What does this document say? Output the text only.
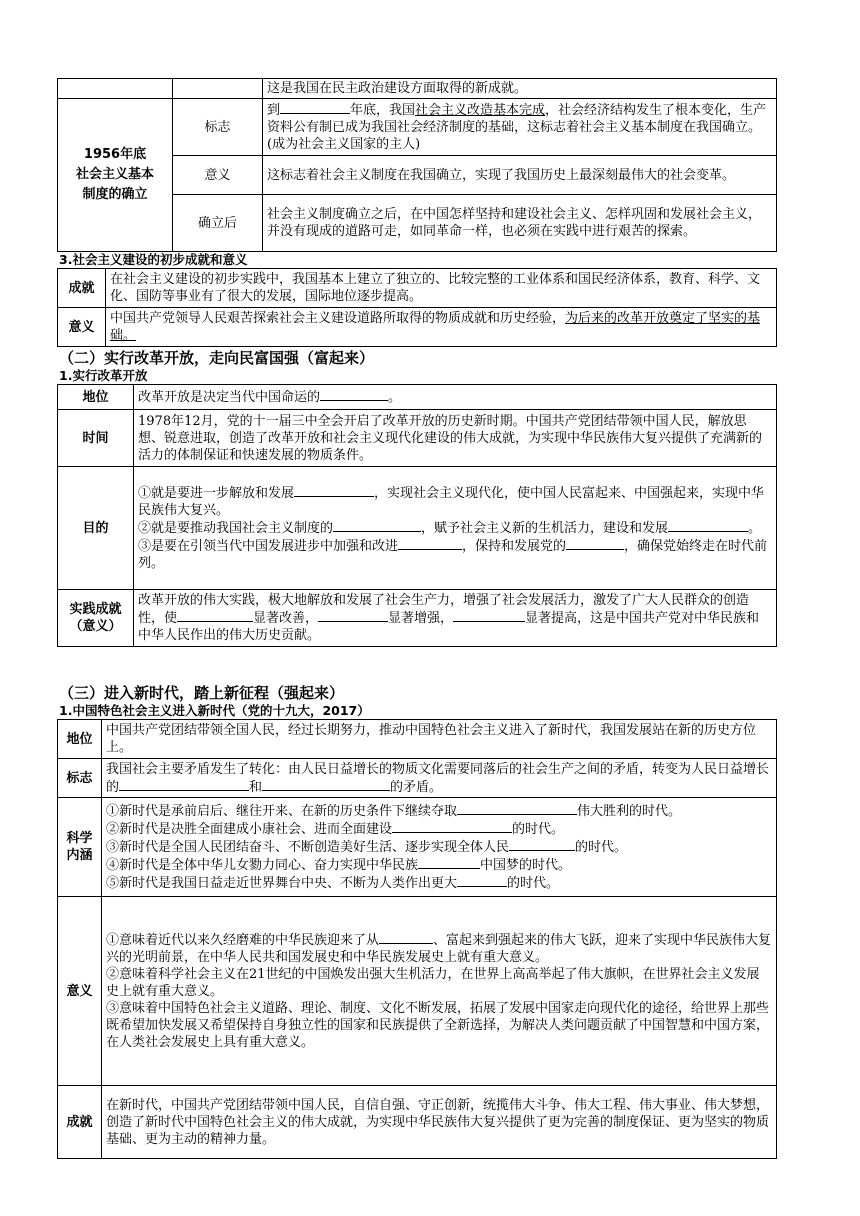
		这是我国在民主政治建设方面取得的新成就。

1956年底
社会主义基本
制度的确立	标志	到 年底，我国社会主义改造基本完成，社会经济结构发生了根本变化，生产资料公有制已成为我国社会经济制度的基础，这标志着社会主义基本制度在我国确立。(成为社会主义国家的主人)
	意义	这标志着社会主义制度在我国确立，实现了我国历史上最深刻最伟大的社会变革。
	确立后	社会主义制度确立之后，在中国怎样坚持和建设社会主义、怎样巩固和发展社会主义，并没有现成的道路可走，如同革命一样，也必须在实践中进行艰苦的探索。

3.社会主义建设的初步成就和意义

成就	在社会主义建设的初步实践中，我国基本上建立了独立的、比较完整的工业体系和国民经济体系，教育、科学、文化、国防等事业有了很大的发展，国际地位逐步提高。
意义	中国共产党领导人民艰苦探索社会主义建设道路所取得的物质成就和历史经验，为后来的改革开放奠定了坚实的基础。

（二）实行改革开放，走向民富国强（富起来）

1.实行改革开放

地位	改革开放是决定当代中国命运的 。
时间	1978年12月，党的十一届三中全会开启了改革开放的历史新时期。中国共产党团结带领中国人民，解放思想、锐意进取，创造了改革开放和社会主义现代化建设的伟大成就，为实现中华民族伟大复兴提供了充满新的活力的体制保证和快速发展的物质条件。
目的	①就是要进一步解放和发展 ，实现社会主义现代化，使中国人民富起来、中国强起来，实现中华民族伟大复兴。
②就是要推动我国社会主义制度的 ，赋予社会主义新的生机活力，建设和发展 。
③是要在引领当代中国发展进步中加强和改进 ，保持和发展党的 ，确保党始终走在时代前列。

实践成就
（意义）	改革开放的伟大实践，极大地解放和发展了社会生产力，增强了社会发展活力，激发了广大人民群众的创造性，使 显著改善， 显著增强， 显著提高，这是中国共产党对中华民族和中华人民作出的伟大历史贡献。

（三）进入新时代，踏上新征程（强起来）

1.中国特色社会主义进入新时代（党的十九大，2017）

地位	中国共产党团结带领全国人民，经过长期努力，推动中国特色社会主义进入了新时代，我国发展站在新的历史方位上。
标志	我国社会主要矛盾发生了转化：由人民日益增长的物质文化需要同落后的社会生产之间的矛盾，转变为人民日益增长的 和 的矛盾。

科学
内涵	①新时代是承前启后、继往开来、在新的历史条件下继续夺取 伟大胜利的时代。
②新时代是决胜全面建成小康社会、进而全面建设 的时代。
③新时代是全国人民团结奋斗、不断创造美好生活、逐步实现全体人民 的时代。
④新时代是全体中华儿女勠力同心、奋力实现中华民族 中国梦的时代。
⑤新时代是我国日益走近世界舞台中央、不断为人类作出更大 的时代。

意义	①意味着近代以来久经磨难的中华民族迎来了从 、富起来到强起来的伟大飞跃，迎来了实现中华民族伟大复兴的光明前景，在中华人民共和国发展史和中华民族发展史上就有重大意义。
②意味着科学社会主义在21世纪的中国焕发出强大生机活力，在世界上高高举起了伟大旗帜，在世界社会主义发展史上就有重大意义。
③意味着中国特色社会主义道路、理论、制度、文化不断发展，拓展了发展中国家走向现代化的途径，给世界上那些既希望加快发展又希望保持自身独立性的国家和民族提供了全新选择，为解决人类问题贡献了中国智慧和中国方案，在人类社会发展史上具有重大意义。

成就	在新时代，中国共产党团结带领中国人民，自信自强、守正创新，统揽伟大斗争、伟大工程、伟大事业、伟大梦想，创造了新时代中国特色社会主义的伟大成就，为实现中华民族伟大复兴提供了更为完善的制度保证、更为坚实的物质基础、更为主动的精神力量。
